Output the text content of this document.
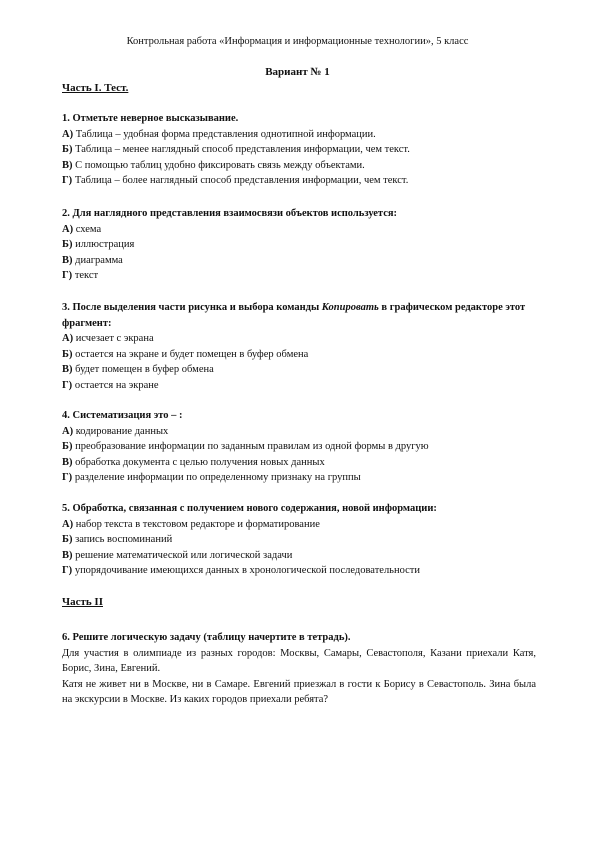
Контрольная работа «Информация и информационные технологии», 5 класс
Вариант № 1
Часть I. Тест.
1. Отметьте неверное высказывание.
А) Таблица – удобная форма представления однотипной информации.
Б) Таблица – менее наглядный способ представления информации, чем текст.
В) С помощью таблиц удобно фиксировать связь между объектами.
Г) Таблица – более наглядный способ представления информации, чем текст.
2. Для наглядного представления взаимосвязи объектов используется:
А) схема
Б) иллюстрация
В) диаграмма
Г) текст
3. После выделения части рисунка и выбора команды Копировать в графическом редакторе этот фрагмент:
А) исчезает с экрана
Б) остается на экране и будет помещен в буфер обмена
В) будет помещен в буфер обмена
Г) остается на экране
4. Систематизация это – :
А) кодирование данных
Б) преобразование информации по заданным правилам из одной формы в другую
В) обработка документа с целью получения новых данных
Г) разделение информации по определенному признаку на группы
5. Обработка, связанная с получением нового содержания, новой информации:
А) набор текста в текстовом редакторе и форматирование
Б) запись воспоминаний
В) решение математической или логической задачи
Г) упорядочивание имеющихся данных в хронологической последовательности
Часть II
6. Решите логическую задачу (таблицу начертите в тетрадь).
Для участия в олимпиаде из разных городов: Москвы, Самары, Севастополя, Казани приехали Катя, Борис, Зина, Евгений.
Катя не живет ни в Москве, ни в Самаре. Евгений приезжал в гости к Борису в Севастополь. Зина была на экскурсии в Москве. Из каких городов приехали ребята?
